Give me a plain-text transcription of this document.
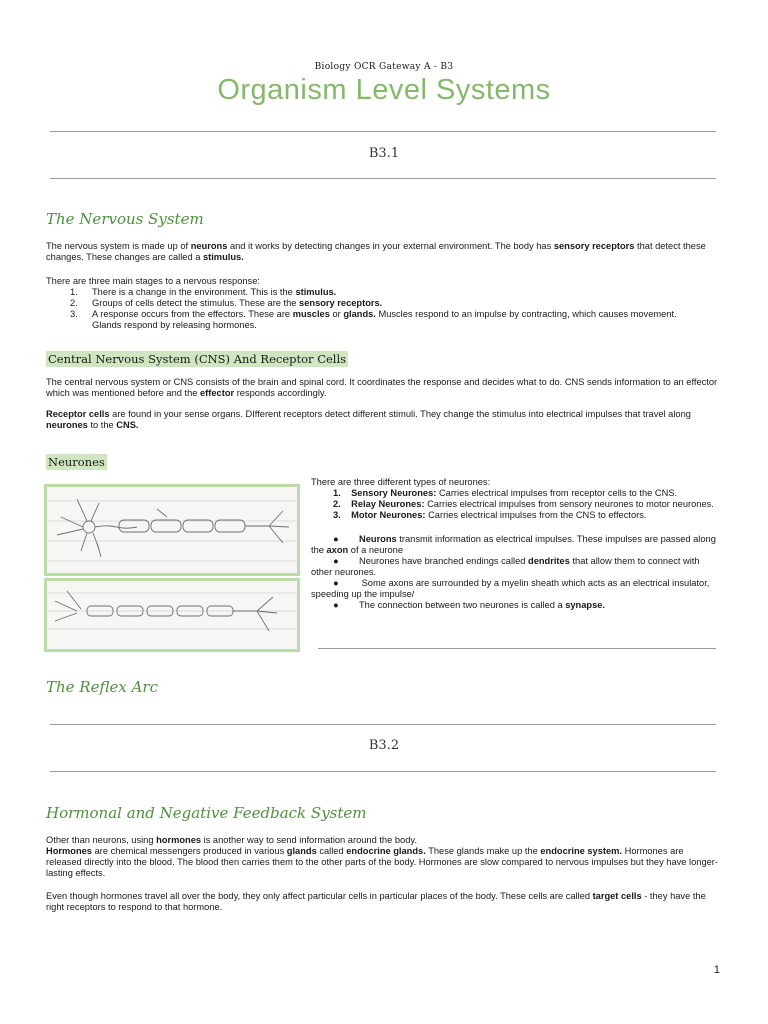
Biology OCR Gateway A - B3
Organism Level Systems
B3.1
The Nervous System
The nervous system is made up of neurons and it works by detecting changes in your external environment. The body has sensory receptors that detect these changes. These changes are called a stimulus.
There are three main stages to a nervous response:
1. There is a change in the environment. This is the stimulus.
2. Groups of cells detect the stimulus. These are the sensory receptors.
3. A response occurs from the effectors. These are muscles or glands. Muscles respond to an impulse by contracting, which causes movement. Glands respond by releasing hormones.
Central Nervous System (CNS) And Receptor Cells
The central nervous system or CNS consists of the brain and spinal cord. It coordinates the response and decides what to do. CNS sends information to an effector which was mentioned before and the effector responds accordingly.
Receptor cells are found in your sense organs. DIfferent receptors detect different stimuli. They change the stimulus into electrical impulses that travel along neurones to the CNS.
Neurones
There are three different types of neurones:
1. Sensory Neurones: Carries electrical impulses from receptor cells to the CNS.
2. Relay Neurones: Carries electrical impulses from sensory neurones to motor neurones.
3. Motor Neurones: Carries electrical impulses from the CNS to effectors.
● Neurons transmit information as electrical impulses. These impulses are passed along the axon of a neurone
● Neurones have branched endings called dendrites that allow them to connect with other neurones.
● Some axons are surrounded by a myelin sheath which acts as an electrical insulator, speeding up the impulse/
● The connection between two neurones is called a synapse.
The Reflex Arc
B3.2
Hormonal and Negative Feedback System
Other than neurons, using hormones is another way to send information around the body.
Hormones are chemical messengers produced in various glands called endocrine glands. These glands make up the endocrine system. Hormones are released directly into the blood. The blood then carries them to the other parts of the body. Hormones are slow compared to nervous impulses but they have longer-lasting effects.
Even though hormones travel all over the body, they only affect particular cells in particular places of the body. These cells are called target cells - they have the right receptors to respond to that hormone.
1
